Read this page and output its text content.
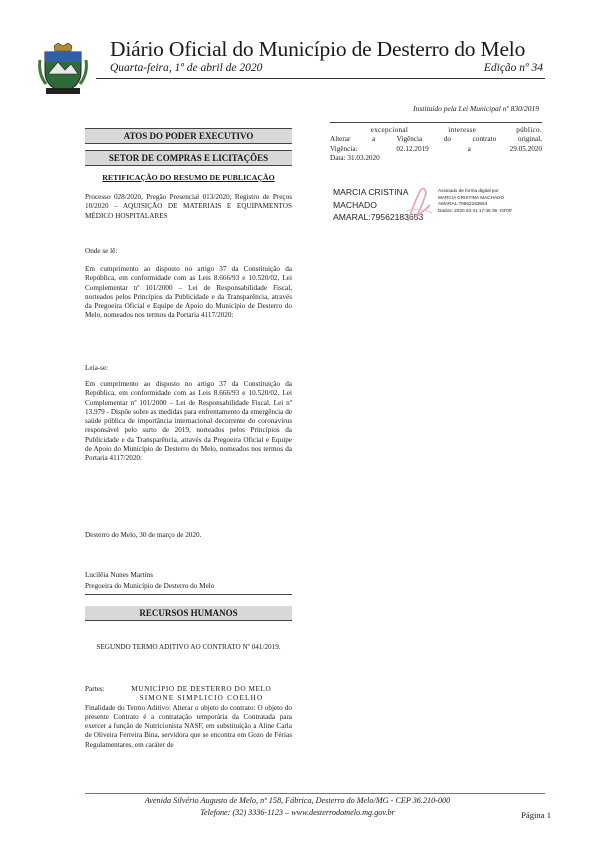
Diário Oficial do Município de Desterro do Melo
Quarta-feira, 1º de abril de 2020	Edição nº 34
Instituído pela Lei Municipal nº 830/2019
ATOS DO PODER EXECUTIVO
SETOR DE COMPRAS E LICITAÇÕES
RETIFICAÇÃO DO RESUMO DE PUBLICAÇÃO

Processo 028/2020, Pregão Presencial 013/2020, Registro de Preços 10/2020 – AQUISIÇÃO DE MATERIAIS E EQUIPAMENTOS MÉDICO HOSPITALARES

Onde se lê:
Em cumprimento ao disposto no artigo 37 da Constituição da República, em conformidade com as Leis 8.666/93 e 10.520/02, Lei Complementar nº 101/2000 – Lei de Responsabilidade Fiscal, norteados pelos Princípios da Publicidade e da Transparência, através da Pregoeira Oficial e Equipe de Apoio do Município de Desterro do Melo, nomeados nos termos da Portaria 4117/2020:
Leia-se:
Em cumprimento ao disposto no artigo 37 da Constituição da República, em conformidade com as Leis 8.666/93 e 10.520/02, Lei Complementar nº 101/2000 – Lei de Responsabilidade Fiscal, Lei nº 13.979 - Dispõe sobre as medidas para enfrentamento da emergência de saúde pública de importância internacional decorrente do coronavírus responsável pelo surto de 2019, norteados pelos Princípios da Publicidade e da Transparência, através da Pregoeira Oficial e Equipe de Apoio do Município de Desterro do Melo, nomeados nos termos da Portaria 4117/2020:
Desterro do Melo, 30 de março de 2020.
Lucilêia Nunes Martins
Pregoeira do Município de Desterro do Melo
RECURSOS HUMANOS
SEGUNDO TERMO ADITIVO AO CONTRATO Nº 041/2019.
Partes:	MUNICÍPIO DE DESTERRO DO MELO
SIMONE SIMPLICIO COELHO

Finalidade do Termo Aditivo: Alterar o objeto do contrato: O objeto do presente Contrato é a contratação temporária da Contratada para exercer a função de Nutricionista NASF, em substituição a Aline Carla de Oliveira Ferreira Bina, servidora que se encontra em Gozo de Férias Regulamentares, em caráter de

excepcional interesse público.
Alterar a Vigência do contrato original.
Vigência:	02.12.2019	a	29.05.2020
Data: 31.03.2020
MARCIA CRISTINA
MACHADO
AMARAL:79562183653
Assinado de forma digital por
MARCIA CRISTINA MACHADO
AMARAL:79562183653
Dados: 2020.03.31 17:46:36 -03'00'
Avenida Silvério Augusto de Melo, nº 158, Fábrica, Desterro do Melo/MG - CEP 36.210-000
Telefone: (32) 3336-1123 – www.desterrodomelo.mg.gov.br	Página 1
